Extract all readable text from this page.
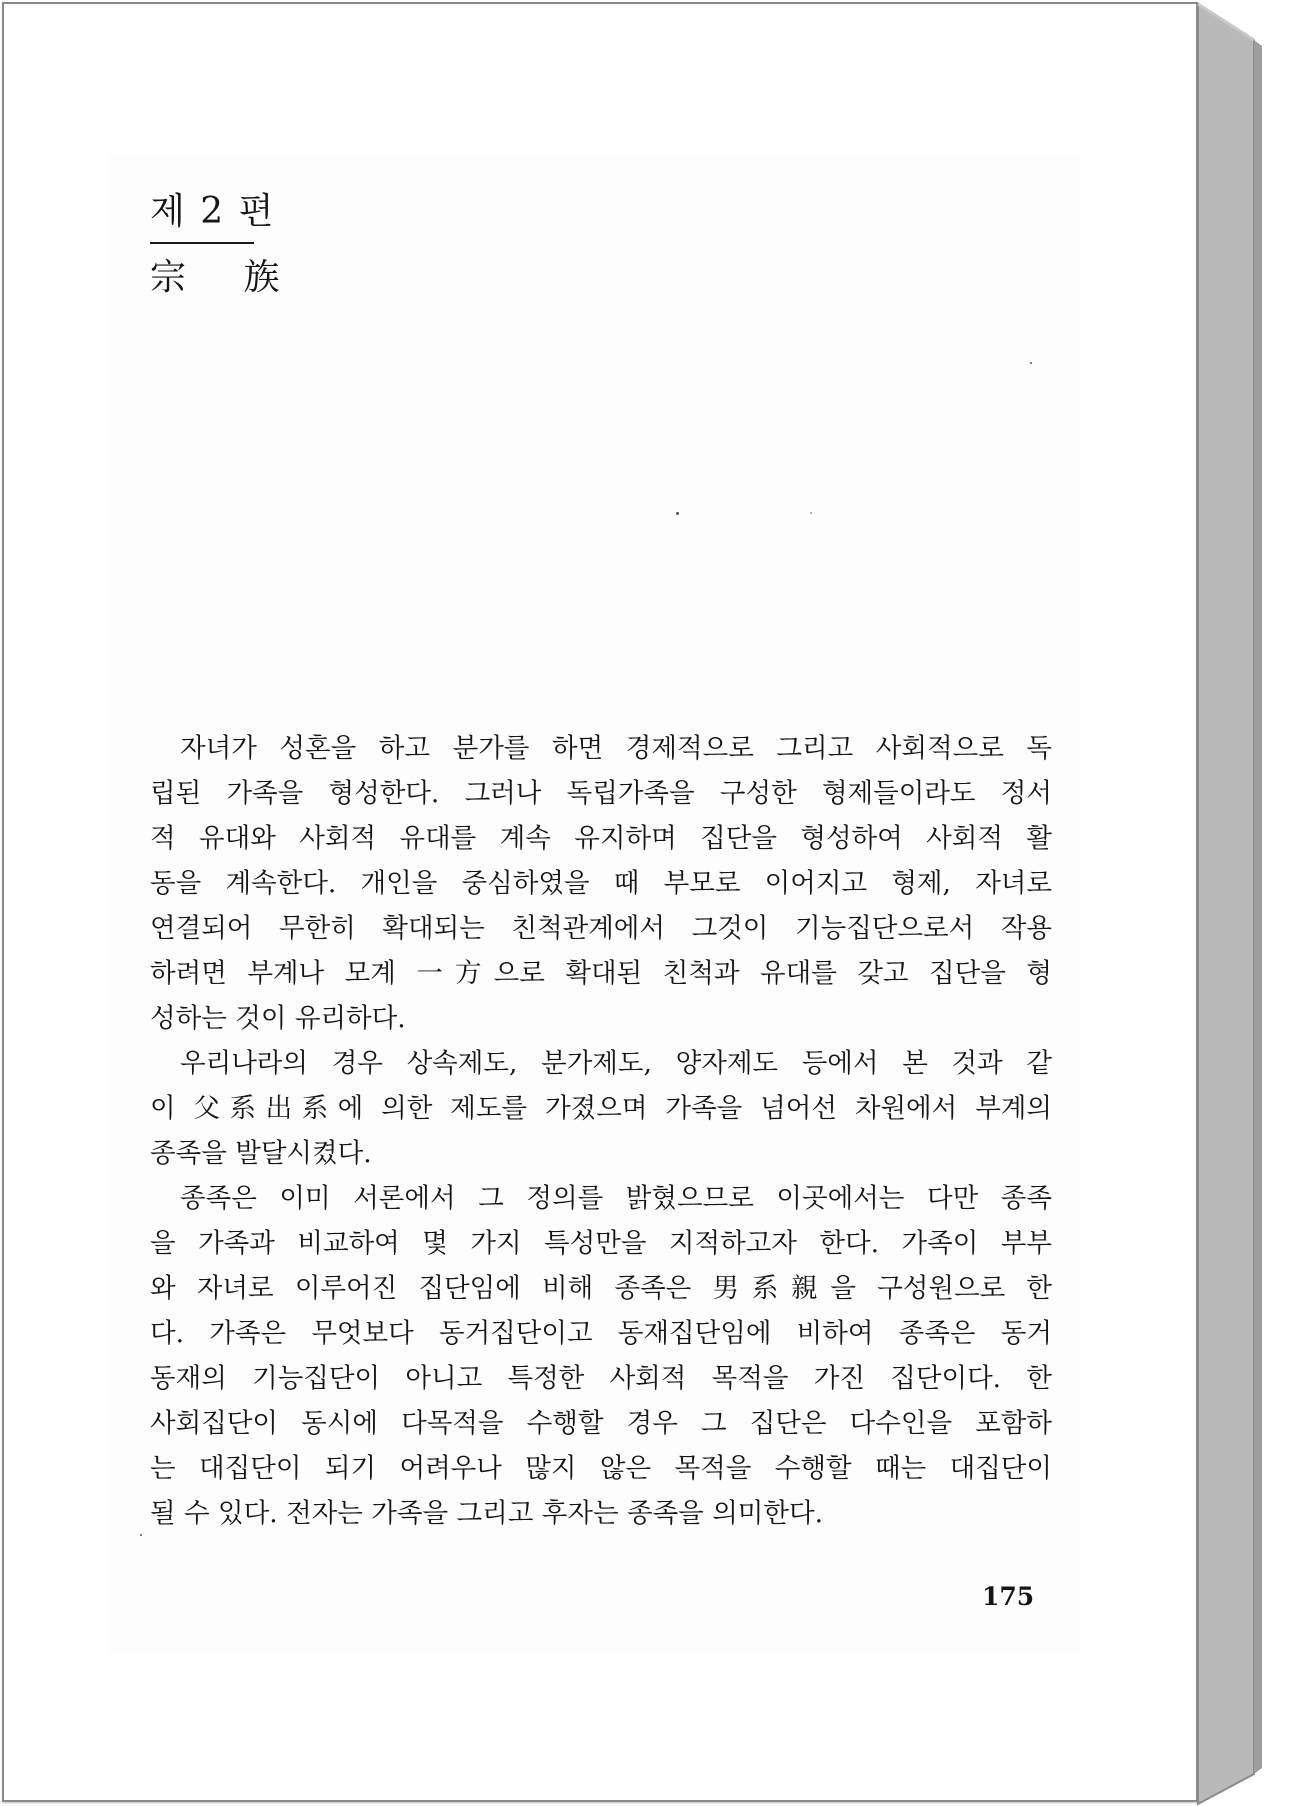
제 2 편
宗 族
자녀가 성혼을 하고 분가를 하면 경제적으로 그리고 사회적으로 독
립된 가족을 형성한다. 그러나 독립가족을 구성한 형제들이라도 정서
적 유대와 사회적 유대를 계속 유지하며 집단을 형성하여 사회적 활
동을 계속한다. 개인을 중심하였을 때 부모로 이어지고 형제, 자녀로
연결되어 무한히 확대되는 친척관계에서 그것이 기능집단으로서 작용
하려면 부계나 모계 一方으로 확대된 친척과 유대를 갖고 집단을 형
성하는 것이 유리하다.
우리나라의 경우 상속제도, 분가제도, 양자제도 등에서 본 것과 같
이 父系出系에 의한 제도를 가졌으며 가족을 넘어선 차원에서 부계의
종족을 발달시켰다.
종족은 이미 서론에서 그 정의를 밝혔으므로 이곳에서는 다만 종족
을 가족과 비교하여 몇 가지 특성만을 지적하고자 한다. 가족이 부부
와 자녀로 이루어진 집단임에 비해 종족은 男系親을 구성원으로 한
다. 가족은 무엇보다 동거집단이고 동재집단임에 비하여 종족은 동거
동재의 기능집단이 아니고 특정한 사회적 목적을 가진 집단이다. 한
사회집단이 동시에 다목적을 수행할 경우 그 집단은 다수인을 포함하
는 대집단이 되기 어려우나 많지 않은 목적을 수행할 때는 대집단이
될 수 있다. 전자는 가족을 그리고 후자는 종족을 의미한다.
175
